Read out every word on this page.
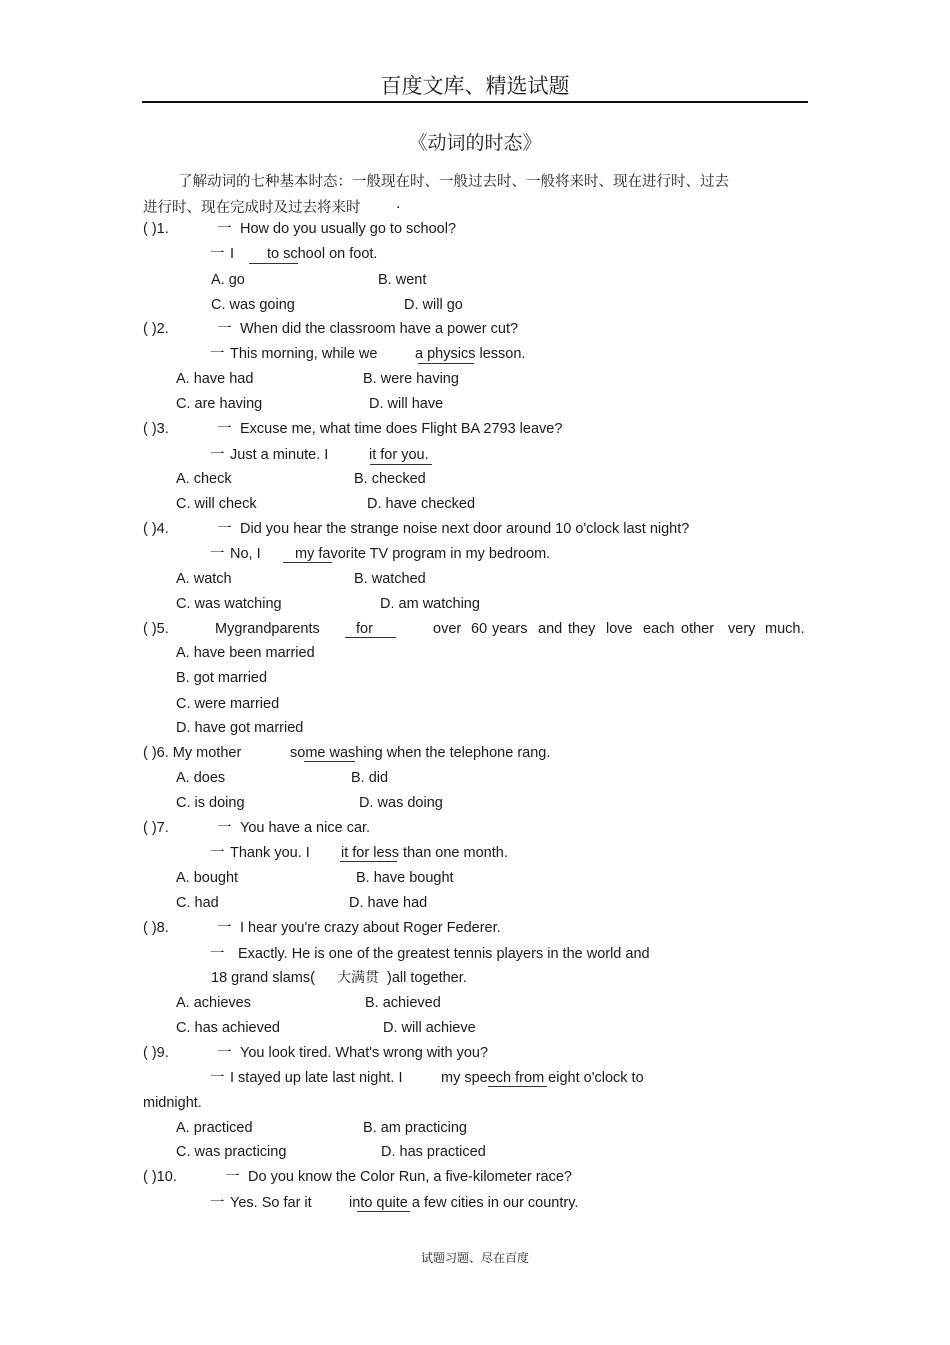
百度文库、精选试题
《动词的时态》
了解动词的七种基本时态：一般现在时、一般过去时、一般将来时、现在进行时、过去
进行时、现在完成时及过去将来时 .
( )1.	一 How do you usually go to school?
一 I to school on foot.
A. go	B. went
C. was going	D. will go
( )2.	一 When did the classroom have a power cut?
一 This morning, while we	a physics lesson.
A. have had	B. were having
C. are having	D. will have
( )3.	一 Excuse me, what time does Flight BA 2793 leave?
一 Just a minute. I	it for you.
A. check	B. checked
C. will check	D. have checked
( )4.	一 Did you hear the strange noise next door around 10 o'clock last night?
一 No, I my favorite TV program in my bedroom.
A. watch	B. watched
C. was watching	D. am watching
( )5.	Mygrandparents for	over 60 years and they love each other very much.
A. have been married
B. got married
C. were married
D. have got married
( )6. My mother	some washing when the telephone rang.
A. does	B. did
C. is doing	D. was doing
( )7.	一 You have a nice car.
一 Thank you. I it for less than one month.
A. bought	B. have bought
C. had	D. have had
( )8.	一 I hear you're crazy about Roger Federer.
一 Exactly. He is one of the greatest tennis players in the world and
18 grand slams( 大满贯 )all together.
A. achieves	B. achieved
C. has achieved	D. will achieve
( )9.	一 You look tired. What's wrong with you?
一 I stayed up late last night. I	my speech from eight o'clock to
midnight.
A. practiced	B. am practicing
C. was practicing	D. has practiced
( )10.	一 Do you know the Color Run, a five-kilometer race?
一 Yes. So far it	into quite a few cities in our country.
试题习题、尽在百度
